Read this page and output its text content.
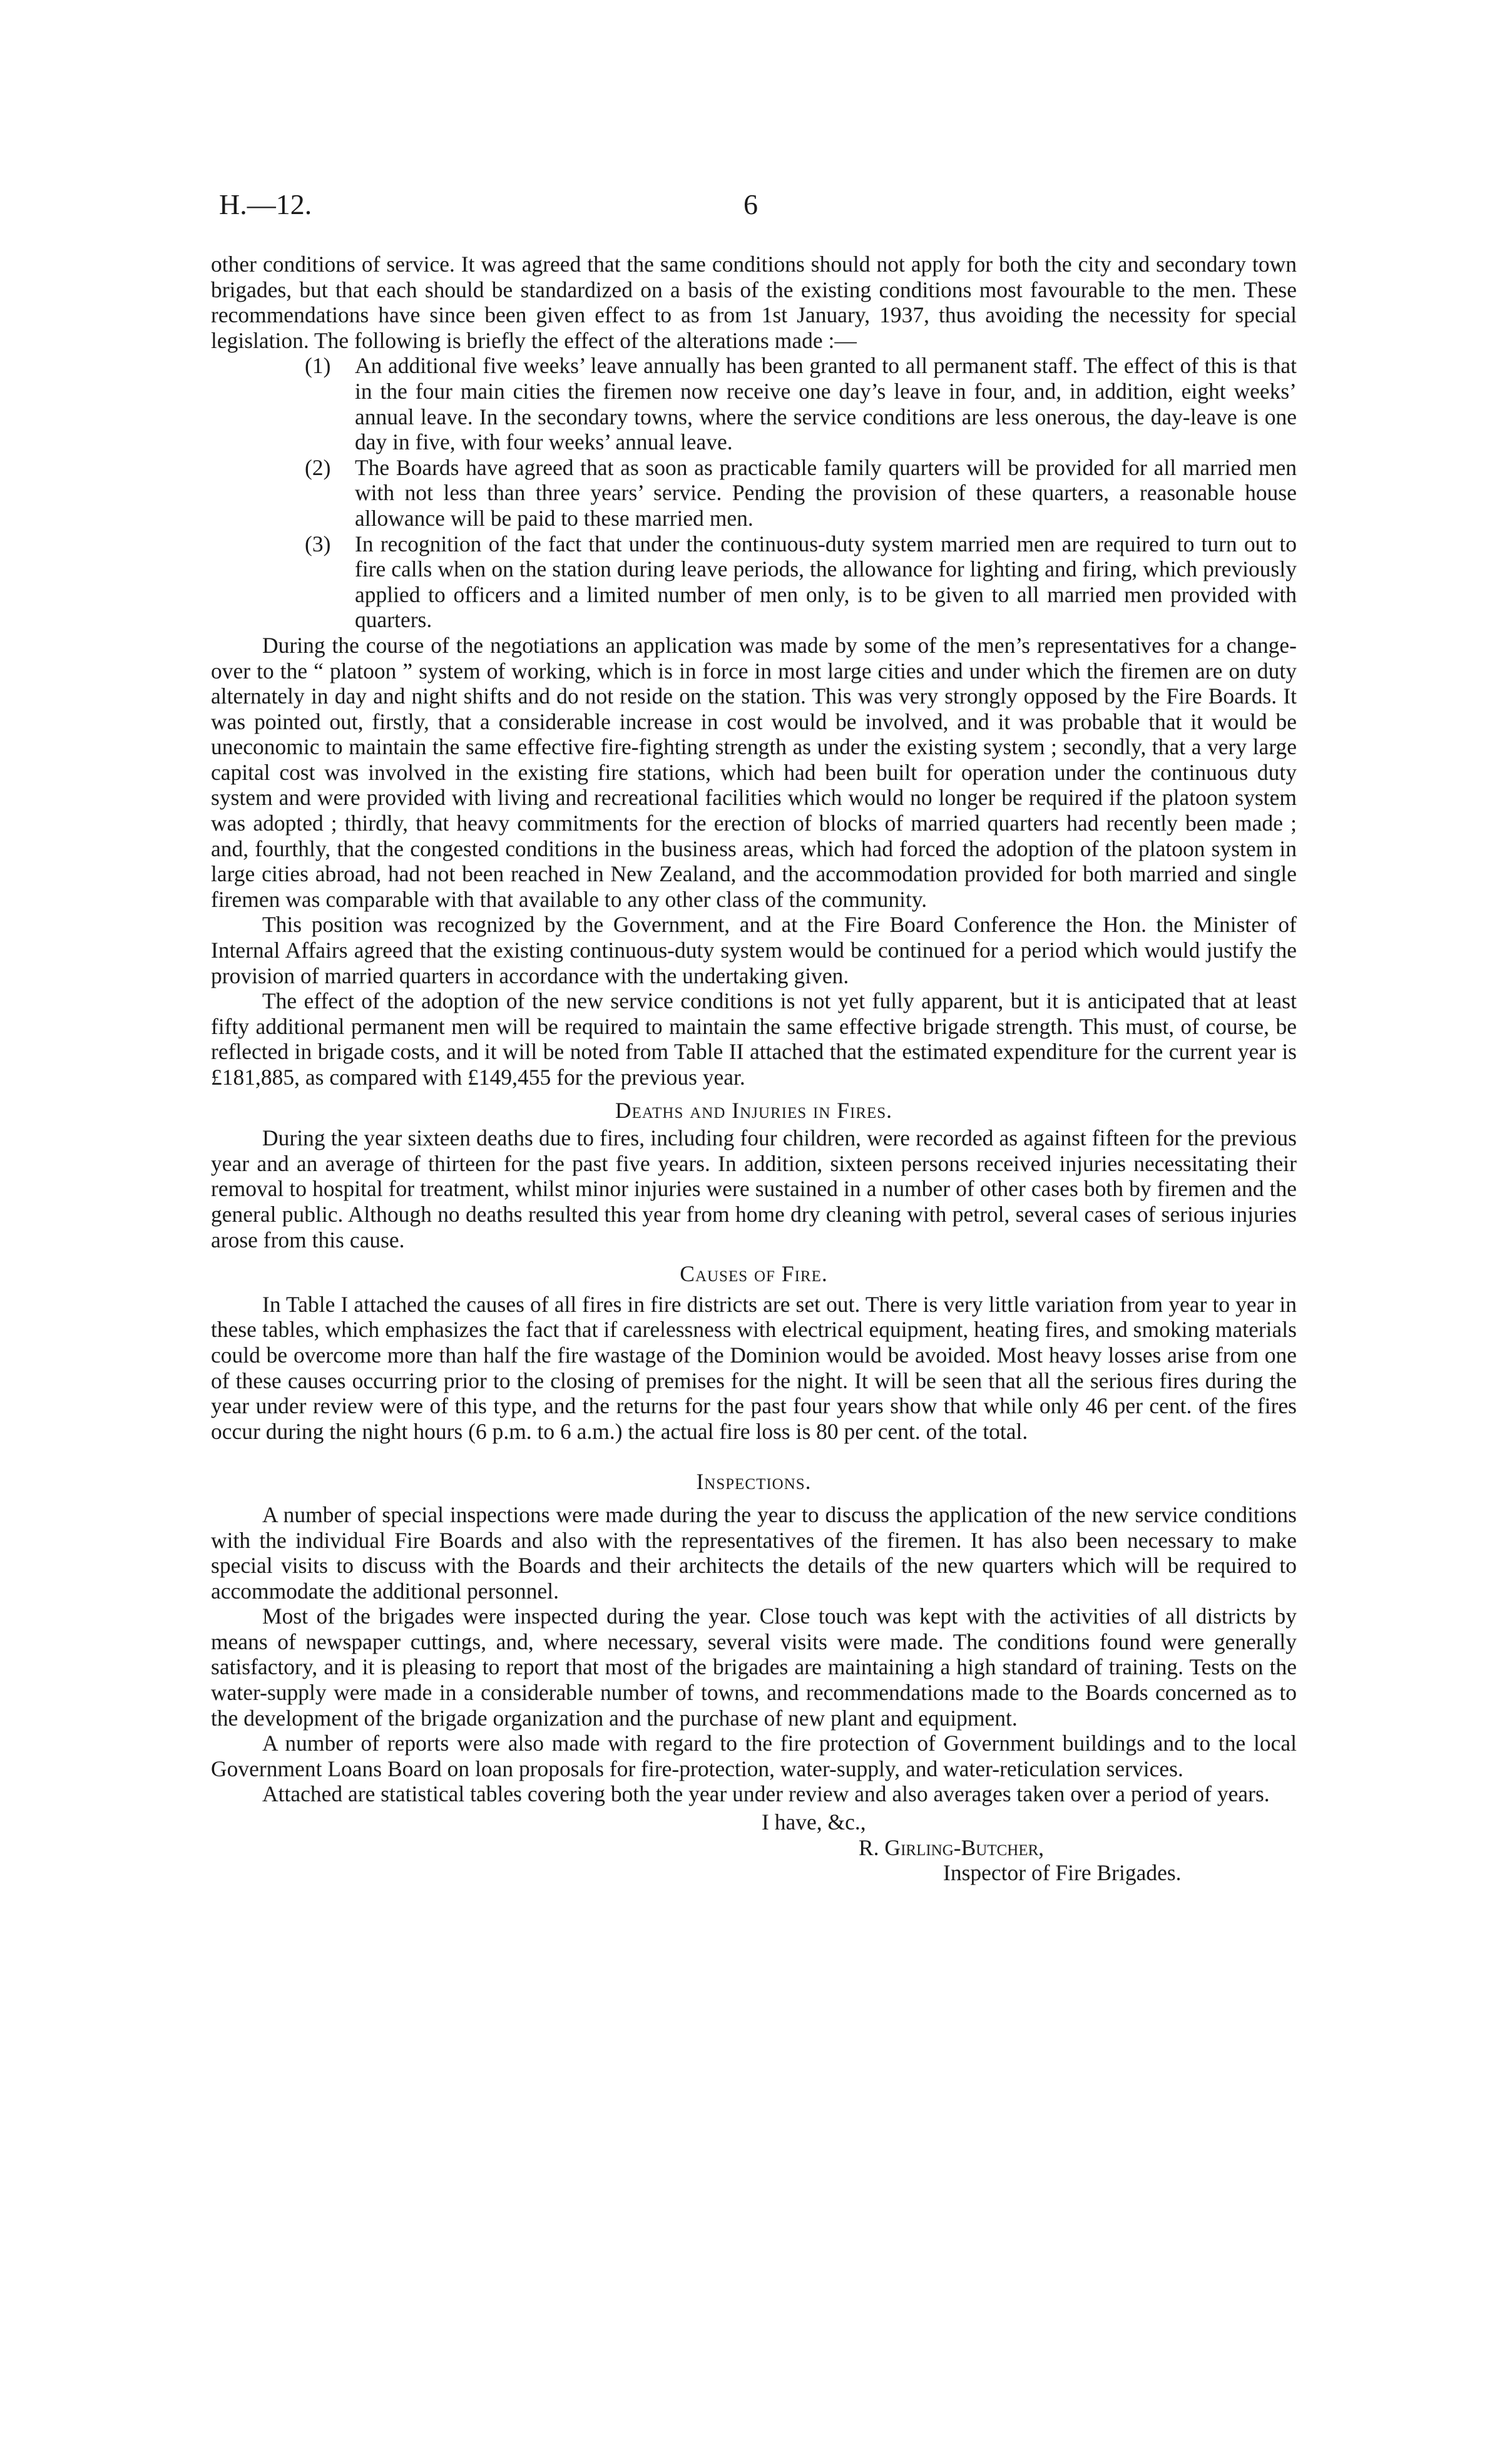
H.—12.	6

other conditions of service. It was agreed that the same conditions should not apply for both the city and secondary town brigades, but that each should be standardized on a basis of the existing conditions most favourable to the men. These recommendations have since been given effect to as from 1st January, 1937, thus avoiding the necessity for special legislation. The following is briefly the effect of the alterations made :—

(1)	An additional five weeks’ leave annually has been granted to all permanent staff. The effect of this is that in the four main cities the firemen now receive one day’s leave in four, and, in addition, eight weeks’ annual leave. In the secondary towns, where the service conditions are less onerous, the day-leave is one day in five, with four weeks’ annual leave.
(2)	The Boards have agreed that as soon as practicable family quarters will be provided for all married men with not less than three years’ service. Pending the provision of these quarters, a reasonable house allowance will be paid to these married men.
(3)	In recognition of the fact that under the continuous-duty system married men are required to turn out to fire calls when on the station during leave periods, the allowance for lighting and firing, which previously applied to officers and a limited number of men only, is to be given to all married men provided with quarters.

During the course of the negotiations an application was made by some of the men’s representatives for a change-over to the “ platoon ” system of working, which is in force in most large cities and under which the firemen are on duty alternately in day and night shifts and do not reside on the station. This was very strongly opposed by the Fire Boards. It was pointed out, firstly, that a considerable increase in cost would be involved, and it was probable that it would be uneconomic to maintain the same effective fire-fighting strength as under the existing system ; secondly, that a very large capital cost was involved in the existing fire stations, which had been built for operation under the continuous duty system and were provided with living and recreational facilities which would no longer be required if the platoon system was adopted ; thirdly, that heavy commitments for the erection of blocks of married quarters had recently been made ; and, fourthly, that the congested conditions in the business areas, which had forced the adoption of the platoon system in large cities abroad, had not been reached in New Zealand, and the accommodation provided for both married and single firemen was comparable with that available to any other class of the community.

This position was recognized by the Government, and at the Fire Board Conference the Hon. the Minister of Internal Affairs agreed that the existing continuous-duty system would be continued for a period which would justify the provision of married quarters in accordance with the undertaking given.

The effect of the adoption of the new service conditions is not yet fully apparent, but it is anticipated that at least fifty additional permanent men will be required to maintain the same effective brigade strength. This must, of course, be reflected in brigade costs, and it will be noted from Table II attached that the estimated expenditure for the current year is £181,885, as compared with £149,455 for the previous year.

Deaths and Injuries in Fires.

During the year sixteen deaths due to fires, including four children, were recorded as against fifteen for the previous year and an average of thirteen for the past five years. In addition, sixteen persons received injuries necessitating their removal to hospital for treatment, whilst minor injuries were sustained in a number of other cases both by firemen and the general public. Although no deaths resulted this year from home dry cleaning with petrol, several cases of serious injuries arose from this cause.

Causes of Fire.

In Table I attached the causes of all fires in fire districts are set out. There is very little variation from year to year in these tables, which emphasizes the fact that if carelessness with electrical equipment, heating fires, and smoking materials could be overcome more than half the fire wastage of the Dominion would be avoided. Most heavy losses arise from one of these causes occurring prior to the closing of premises for the night. It will be seen that all the serious fires during the year under review were of this type, and the returns for the past four years show that while only 46 per cent. of the fires occur during the night hours (6 p.m. to 6 a.m.) the actual fire loss is 80 per cent. of the total.

Inspections.

A number of special inspections were made during the year to discuss the application of the new service conditions with the individual Fire Boards and also with the representatives of the firemen. It has also been necessary to make special visits to discuss with the Boards and their architects the details of the new quarters which will be required to accommodate the additional personnel.

Most of the brigades were inspected during the year. Close touch was kept with the activities of all districts by means of newspaper cuttings, and, where necessary, several visits were made. The conditions found were generally satisfactory, and it is pleasing to report that most of the brigades are maintaining a high standard of training. Tests on the water-supply were made in a considerable number of towns, and recommendations made to the Boards concerned as to the development of the brigade organization and the purchase of new plant and equipment.

A number of reports were also made with regard to the fire protection of Government buildings and to the local Government Loans Board on loan proposals for fire-protection, water-supply, and water-reticulation services.

Attached are statistical tables covering both the year under review and also averages taken over a period of years.

I have, &c.,

R. Girling-Butcher,

Inspector of Fire Brigades.
